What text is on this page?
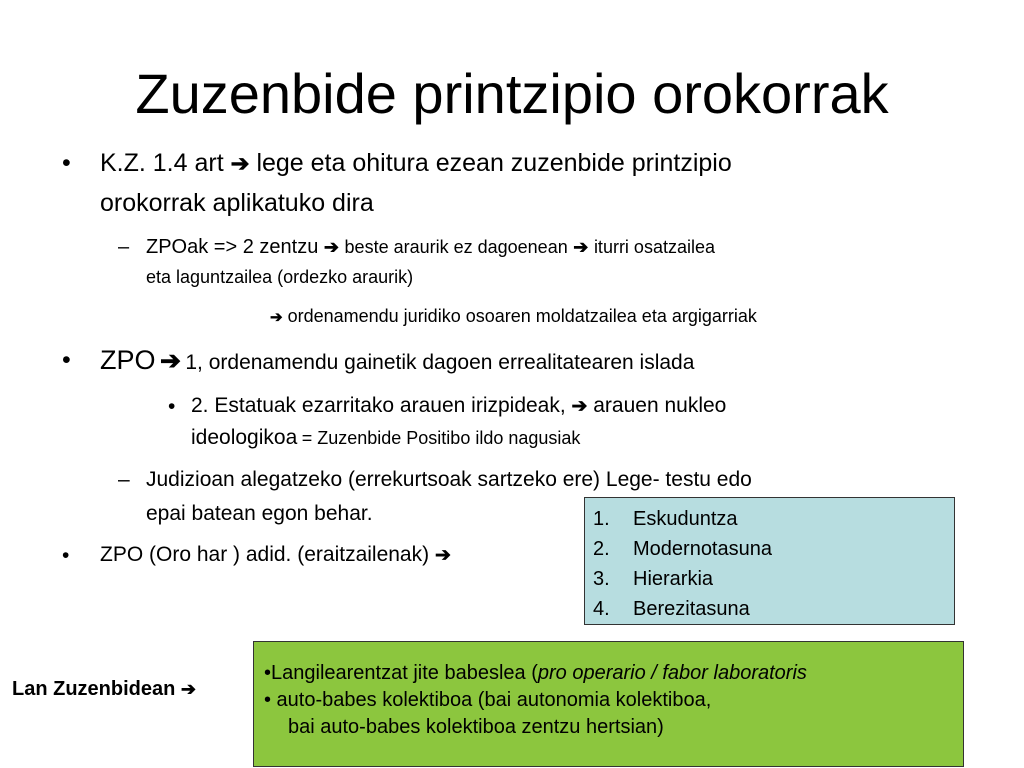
Zuzenbide printzipio orokorrak
• K.Z. 1.4 art ➔ lege eta ohitura ezean zuzenbide printzipio
orokorrak aplikatuko dira
– ZPOak => 2 zentzu ➔ beste araurik ez dagoenean ➔ iturri osatzailea
eta laguntzailea (ordezko araurik)
➔ ordenamendu juridiko osoaren moldatzailea eta argigarriak
• ZPO ➔ 1, ordenamendu gainetik dagoen errealitatearen islada
• 2. Estatuak ezarritako arauen irizpideak, ➔ arauen nukleo
ideologikoa = Zuzenbide Positibo ildo nagusiak
– Judizioan alegatzeko (errekurtsoak sartzeko ere) Lege- testu edo
epai batean egon behar.
• ZPO (Oro har ) adid. (eraitzailenak) ➔
1. Eskuduntza
2. Modernotasuna
3. Hierarkia
4. Berezitasuna
Lan Zuzenbidean ➔
•Langilearentzat jite babeslea (pro operario / fabor laboratoris
• auto-babes kolektiboa (bai autonomia kolektiboa,
bai auto-babes kolektiboa zentzu hertsian)
